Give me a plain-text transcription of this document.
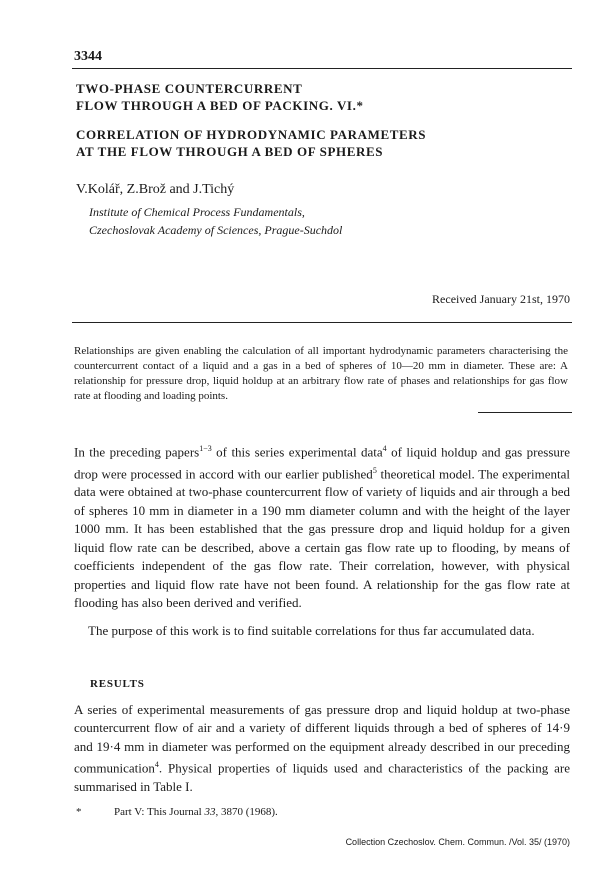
3344
TWO-PHASE COUNTERCURRENT
FLOW THROUGH A BED OF PACKING. VI.*
CORRELATION OF HYDRODYNAMIC PARAMETERS
AT THE FLOW THROUGH A BED OF SPHERES
V.Kolář, Z.Brož and J.Tichý
Institute of Chemical Process Fundamentals,
Czechoslovak Academy of Sciences, Prague-Suchdol
Received January 21st, 1970
Relationships are given enabling the calculation of all important hydrodynamic parameters characterising the countercurrent contact of a liquid and a gas in a bed of spheres of 10—20 mm in diameter. These are: A relationship for pressure drop, liquid holdup at an arbitrary flow rate of phases and relationships for gas flow rate at flooding and loading points.
In the preceding papers$^{1-3}$ of this series experimental data$^4$ of liquid holdup and gas pressure drop were processed in accord with our earlier published$^5$ theoretical model. The experimental data were obtained at two-phase countercurrent flow of variety of liquids and air through a bed of spheres 10 mm in diameter in a 190 mm diameter column and with the height of the layer 1000 mm. It has been established that the gas pressure drop and liquid holdup for a given liquid flow rate can be described, above a certain gas flow rate up to flooding, by means of coefficients independent of the gas flow rate. Their correlation, however, with physical properties and liquid flow rate have not been found. A relationship for the gas flow rate at flooding has also been derived and verified.
The purpose of this work is to find suitable correlations for thus far accumulated data.
RESULTS
A series of experimental measurements of gas pressure drop and liquid holdup at two-phase countercurrent flow of air and a variety of different liquids through a bed of spheres of 14·9 and 19·4 mm in diameter was performed on the equipment already described in our preceding communication$^4$. Physical properties of liquids used and characteristics of the packing are summarised in Table I.
*	Part V: This Journal 33, 3870 (1968).
Collection Czechoslov. Chem. Commun. /Vol. 35/ (1970)
